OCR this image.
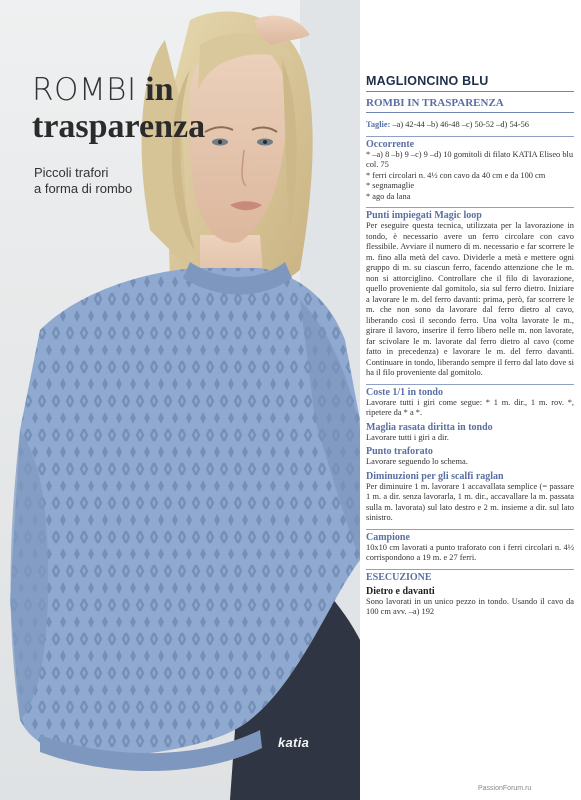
ROMBI in
trasparenza
Piccoli trafori
a forma di rombo
katia
MAGLIONCINO BLU
ROMBI IN TRASPARENZA
Taglie: –a) 42-44 –b) 46-48 –c) 50-52 –d) 54-56
Occorrente
* –a) 8 –b) 9 –c) 9 –d) 10 gomitoli di filato KATIA Eliseo blu col. 75
* ferri circolari n. 4½ con cavo da 40 cm e da 100 cm
* segnamaglie
* ago da lana
Punti impiegati Magic loop
Per eseguire questa tecnica, utilizzata per la lavorazione in tondo, è necessario avere un ferro circolare con cavo flessibile. Avviare il numero di m. necessario e far scorrere le m. fino alla metà del cavo. Dividerle a metà e mettere ogni gruppo di m. su ciascun ferro, facendo attenzione che le m. non si attorciglino. Controllare che il filo di lavorazione, quello proveniente dal gomitolo, sia sul ferro dietro. Iniziare a lavorare le m. del ferro davanti: prima, però, far scorrere le m. che non sono da lavorare dal ferro dietro al cavo, liberando così il secondo ferro. Una volta lavorate le m., girare il lavoro, inserire il ferro libero nelle m. non lavorate, far scivolare le m. lavorate dal ferro dietro al cavo (come fatto in precedenza) e lavorare le m. del ferro davanti. Continuare in tondo, liberando sempre il ferro dal lato dove si ha il filo proveniente dal gomitolo.
Coste 1/1 in tondo
Lavorare tutti i giri come segue: * 1 m. dir., 1 m. rov. *, ripetere da * a *.
Maglia rasata diritta in tondo
Lavorare tutti i giri a dir.
Punto traforato
Lavorare seguendo lo schema.
Diminuzioni per gli scalfi raglan
Per diminuire 1 m. lavorare 1 accavallata semplice (= passare 1 m. a dir. senza lavorarla, 1 m. dir., accavallare la m. passata sulla m. lavorata) sul lato destro e 2 m. insieme a dir. sul lato sinistro.
Campione
10x10 cm lavorati a punto traforato con i ferri circolari n. 4½ corrispondono a 19 m. e 27 ferri.
ESECUZIONE
Dietro e davanti
Sono lavorati in un unico pezzo in tondo. Usando il cavo da 100 cm avv. –a) 192
PassionForum.ru
